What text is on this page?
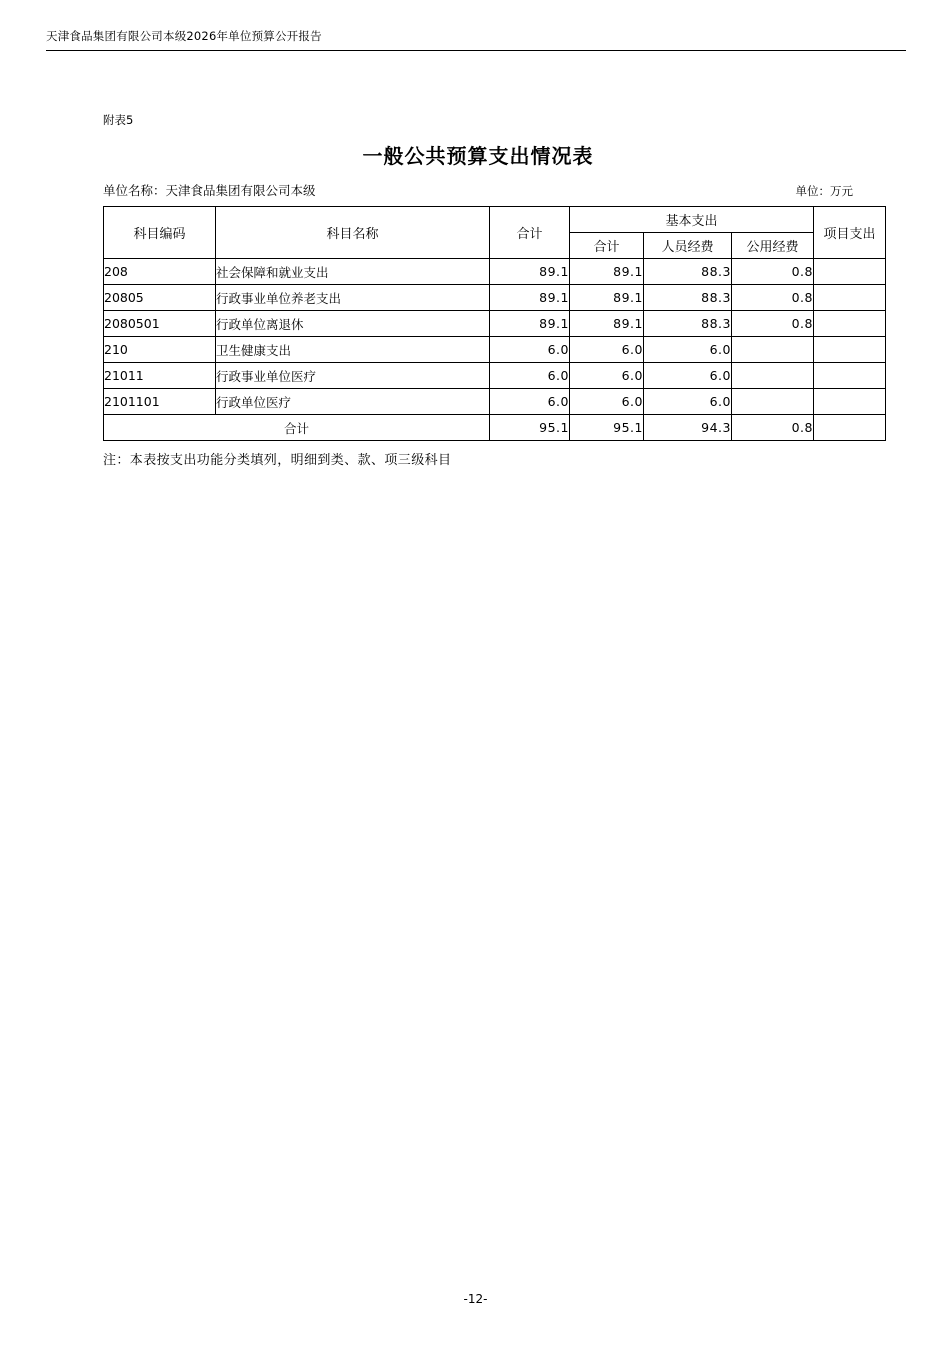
天津食品集团有限公司本级2026年单位预算公开报告
附表5
一般公共预算支出情况表
单位名称：天津食品集团有限公司本级	单位：万元
科目编码	科目名称	合计	基本支出			项目支出
			合计	人员经费	公用经费	
208	社会保障和就业支出	89.1	89.1	88.3	0.8	
20805	行政事业单位养老支出	89.1	89.1	88.3	0.8	
2080501	行政单位离退休	89.1	89.1	88.3	0.8	
210	卫生健康支出	6.0	6.0	6.0		
21011	行政事业单位医疗	6.0	6.0	6.0		
2101101	行政单位医疗	6.0	6.0	6.0		
合计		95.1	95.1	94.3	0.8	
注：本表按支出功能分类填列，明细到类、款、项三级科目
-12-
